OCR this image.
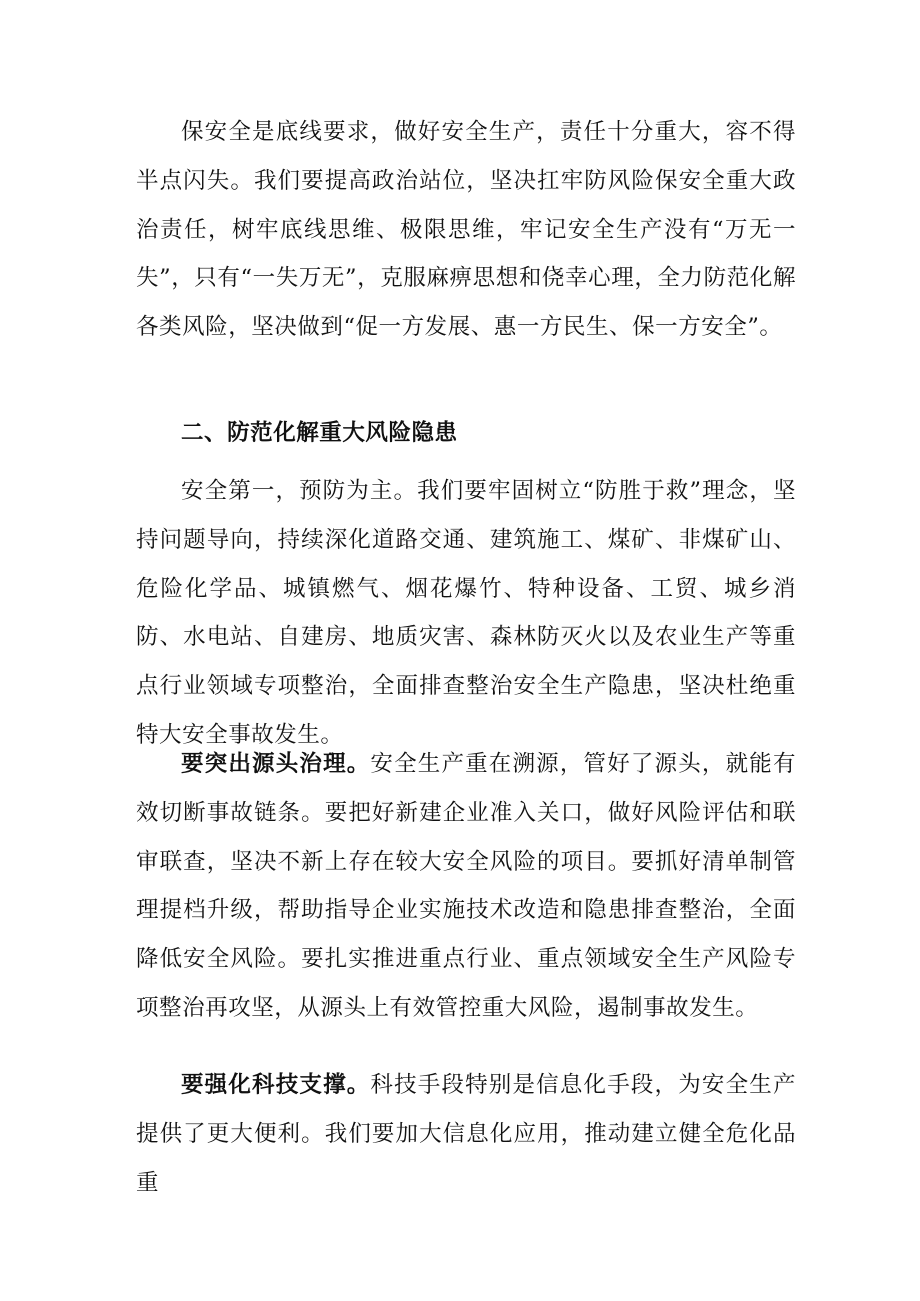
保安全是底线要求，做好安全生产，责任十分重大，容不得半点闪失。我们要提高政治站位，坚决扛牢防风险保安全重大政治责任，树牢底线思维、极限思维，牢记安全生产没有“万无一失”，只有“一失万无”，克服麻痹思想和侥幸心理，全力防范化解各类风险，坚决做到“促一方发展、惠一方民生、保一方安全”。

二、防范化解重大风险隐患

安全第一，预防为主。我们要牢固树立“防胜于救”理念，坚持问题导向，持续深化道路交通、建筑施工、煤矿、非煤矿山、危险化学品、城镇燃气、烟花爆竹、特种设备、工贸、城乡消防、水电站、自建房、地质灾害、森林防灭火以及农业生产等重点行业领域专项整治，全面排查整治安全生产隐患，坚决杜绝重特大安全事故发生。

要突出源头治理。安全生产重在溯源，管好了源头，就能有效切断事故链条。要把好新建企业准入关口，做好风险评估和联审联查，坚决不新上存在较大安全风险的项目。要抓好清单制管理提档升级，帮助指导企业实施技术改造和隐患排查整治，全面降低安全风险。要扎实推进重点行业、重点领域安全生产风险专项整治再攻坚，从源头上有效管控重大风险，遏制事故发生。

要强化科技支撑。科技手段特别是信息化手段，为安全生产提供了更大便利。我们要加大信息化应用，推动建立健全危化品重
